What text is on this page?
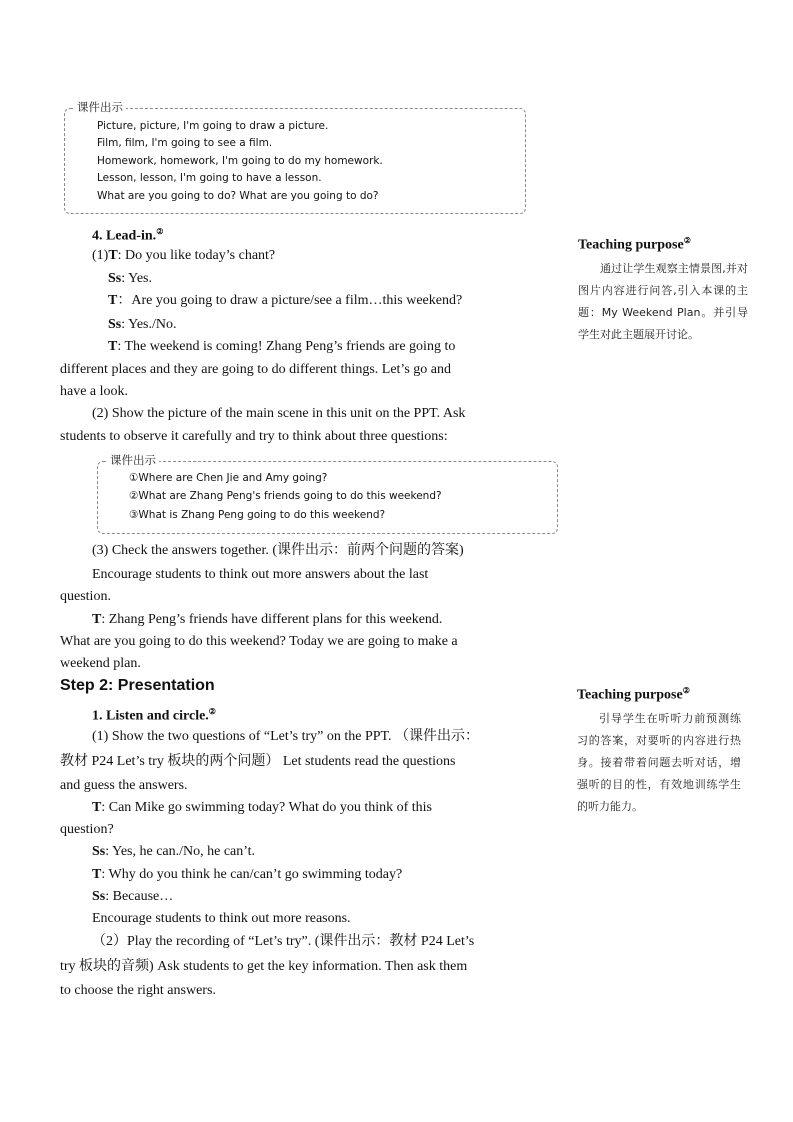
课件出示
Picture, picture, I'm going to draw a picture.
Film, film, I'm going to see a film.
Homework, homework, I'm going to do my homework.
Lesson, lesson, I'm going to have a lesson.
What are you going to do? What are you going to do?
4. Lead-in.②
(1)T: Do you like today’s chant?
Ss: Yes.
T：Are you going to draw a picture/see a film…this weekend?
Ss: Yes./No.
T: The weekend is coming! Zhang Peng’s friends are going to
different places and they are going to do different things. Let’s go and
have a look.
(2) Show the picture of the main scene in this unit on the PPT. Ask
students to observe it carefully and try to think about three questions:
课件出示
①Where are Chen Jie and Amy going?
②What are Zhang Peng's friends going to do this weekend?
③What is Zhang Peng going to do this weekend?
(3) Check the answers together. (课件出示：前两个问题的答案)
Encourage students to think out more answers about the last
question.
T: Zhang Peng’s friends have different plans for this weekend.
What are you going to do this weekend? Today we are going to make a
weekend plan.
Step 2: Presentation
1. Listen and circle.②
(1) Show the two questions of “Let’s try” on the PPT. （课件出示：
教材 P24 Let’s try 板块的两个问题） Let students read the questions
and guess the answers.
T: Can Mike go swimming today? What do you think of this
question?
Ss: Yes, he can./No, he can’t.
T: Why do you think he can/can’t go swimming today?
Ss: Because…
Encourage students to think out more reasons.
（2）Play the recording of “Let’s try”. (课件出示：教材 P24 Let’s
try 板块的音频) Ask students to get the key information. Then ask them
to choose the right answers.
Teaching purpose②
通过让学生观察主情景图,并对图片内容进行问答,引入本课的主题：My Weekend Plan。并引导学生对此主题展开讨论。
Teaching purpose②
引导学生在听听力前预测练习的答案，对要听的内容进行热身。接着带着问题去听对话，增强听的目的性，有效地训练学生的听力能力。
